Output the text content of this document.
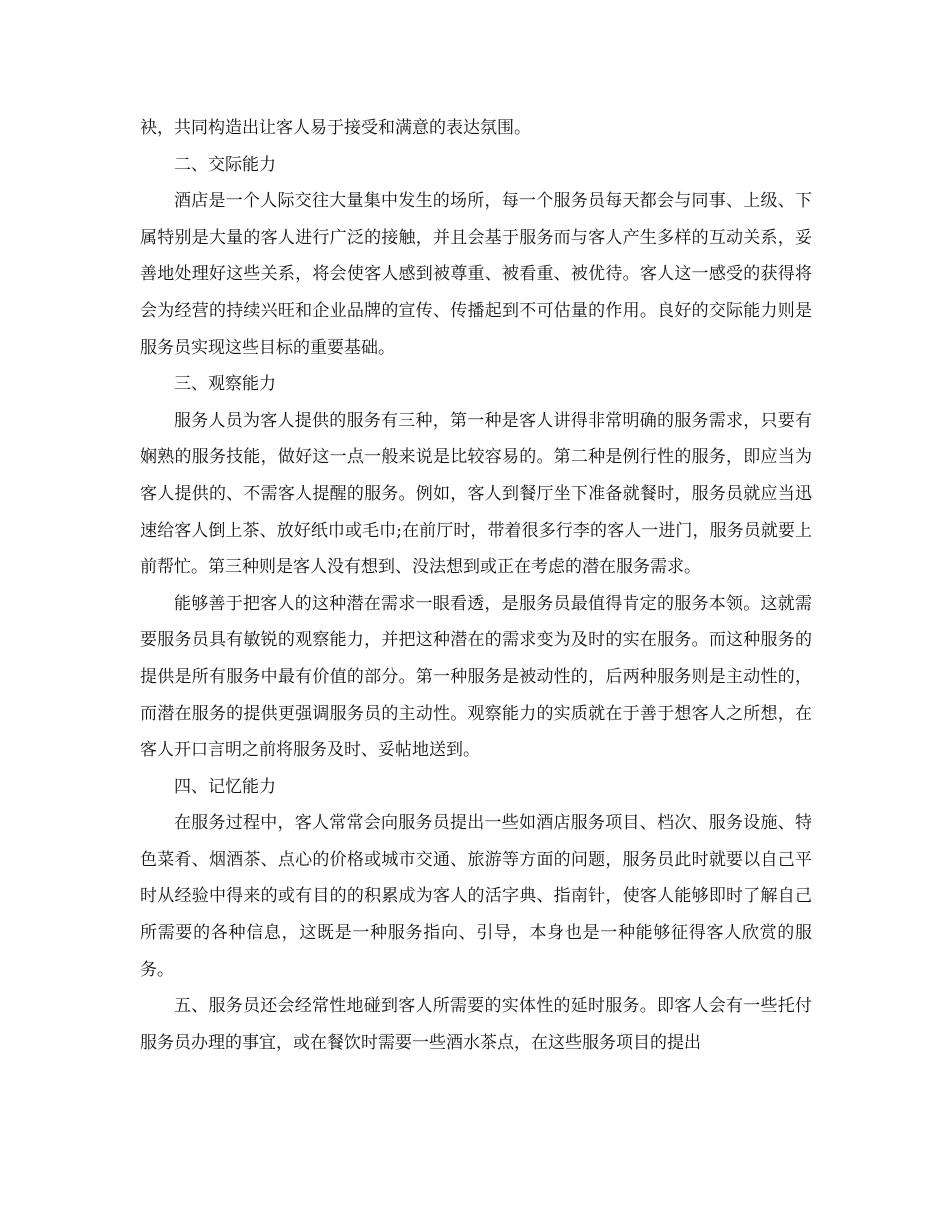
袂，共同构造出让客人易于接受和满意的表达氛围。

二、交际能力

酒店是一个人际交往大量集中发生的场所，每一个服务员每天都会与同事、上级、下属特别是大量的客人进行广泛的接触，并且会基于服务而与客人产生多样的互动关系，妥善地处理好这些关系，将会使客人感到被尊重、被看重、被优待。客人这一感受的获得将会为经营的持续兴旺和企业品牌的宣传、传播起到不可估量的作用。良好的交际能力则是服务员实现这些目标的重要基础。

三、观察能力

服务人员为客人提供的服务有三种，第一种是客人讲得非常明确的服务需求，只要有娴熟的服务技能，做好这一点一般来说是比较容易的。第二种是例行性的服务，即应当为客人提供的、不需客人提醒的服务。例如，客人到餐厅坐下准备就餐时，服务员就应当迅速给客人倒上茶、放好纸巾或毛巾;在前厅时，带着很多行李的客人一进门，服务员就要上前帮忙。第三种则是客人没有想到、没法想到或正在考虑的潜在服务需求。

能够善于把客人的这种潜在需求一眼看透，是服务员最值得肯定的服务本领。这就需要服务员具有敏锐的观察能力，并把这种潜在的需求变为及时的实在服务。而这种服务的提供是所有服务中最有价值的部分。第一种服务是被动性的，后两种服务则是主动性的，而潜在服务的提供更强调服务员的主动性。观察能力的实质就在于善于想客人之所想，在客人开口言明之前将服务及时、妥帖地送到。

四、记忆能力

在服务过程中，客人常常会向服务员提出一些如酒店服务项目、档次、服务设施、特色菜肴、烟酒茶、点心的价格或城市交通、旅游等方面的问题，服务员此时就要以自己平时从经验中得来的或有目的的积累成为客人的活字典、指南针，使客人能够即时了解自己所需要的各种信息，这既是一种服务指向、引导，本身也是一种能够征得客人欣赏的服务。

五、服务员还会经常性地碰到客人所需要的实体性的延时服务。即客人会有一些托付服务员办理的事宜，或在餐饮时需要一些酒水茶点，在这些服务项目的提出
